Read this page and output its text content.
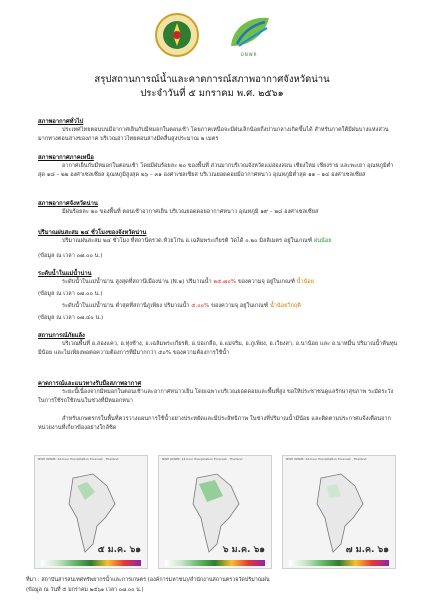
ONWR
สรุปสถานการณ์น้ำและคาดการณ์สภาพอากาศจังหวัดน่าน
ประจำวันที่ ๕ มกราคม พ.ศ. ๒๕๖๑
สภาพอากาศทั่วไป
ประเทศไทยตอนบนมีอากาศเย็นกับมีหมอกในตอนเช้า โดยภาคเหนือจะมีฝนเล็กน้อยถึงปานกลางเกิดขึ้นได้ สำหรับภาคใต้มีฝนบางแห่งส่วนมากทางตอนล่างของภาค บริเวณอ่าวไทยตอนล่างมีคลื่นสูงประมาณ ๒ เมตร
สภาพอากาศภาคเหนือ
อากาศเย็นกับมีหมอกในตอนเช้า โดยมีฝนร้อยละ ๒๐ ของพื้นที่ ส่วนมากบริเวณจังหวัดแม่ฮ่องสอน เชียงใหม่ เชียงราย และพะเยา อุณหภูมิต่ำสุด ๑๘ – ๒๒ องศาเซลเซียส อุณหภูมิสูงสุด ๒๖ – ๓๑ องศาเซลเซียส บริเวณยอดดอยมีอากาศหนาว อุณหภูมิต่ำสุด ๑๑ – ๑๔ องศาเซลเซียส
สภาพอากาศจังหวัดน่าน
มีฝนร้อยละ ๒๐ ของพื้นที่ ตอนเช้าอากาศเย็น บริเวณยอดดอยอากาศหนาว อุณหภูมิ ๑๙ – ๒๘ องศาเซลเซียส
ปริมาณฝนสะสม ๒๔ ชั่วโมงของจังหวัดน่าน
ปริมาณฝนสะสม ๒๔ ชั่วโมง ที่สถานีตรวด.ห้วยโก๋น อ.เฉลิมพระเกียรติ วัดได้ ๐.๒๐ มิลลิเมตร อยู่ในเกณฑ์ ฝนน้อย
(ข้อมูล ณ เวลา ๐๗.๐๐ น.)
ระดับน้ำในแม่น้ำน่าน
ระดับน้ำในแม่น้ำน่าน สูงสุดที่สถานีเมืองน่าน (N.๑) ปริมาณน้ำ ๒๕.๗๐% ของความจุ อยู่ในเกณฑ์ น้ำน้อย
(ข้อมูล ณ เวลา ๐๗.๐๐ น.)
ระดับน้ำในแม่น้ำน่าน ต่ำสุดที่สถานีภูเพียง ปริมาณน้ำ ๕.๐๐% ของความจุ อยู่ในเกณฑ์ น้ำน้อยวิกฤติ
(ข้อมูล ณ เวลา ๐๗.๔๐ น.)
สถานการณ์ภัยแล้ง
บริเวณพื้นที่ อ.สองแคว, อ.ทุ่งช้าง, อ.เฉลิมพระเกียรติ, อ.บ่อเกลือ, อ.แม่จริม, อ.ภูเพียง, อ.เวียงสา, อ.นาน้อย และ อ.นาหมื่น ปริมาณน้ำต้นทุนมีน้อย และไม่เพียงพอต่อความต้องการที่มีมากกว่า ๕๐% ของความต้องการใช้น้ำ
คาดการณ์และแนวทางรับมือสภาพอากาศ
ระยะนี้เนื่องจากมีหมอกในตอนเช้าและอากาศหนาวเย็น โดยเฉพาะบริเวณยอดดอยและพื้นที่สูง ขอให้ประชาชนดูแลรักษาสุขภาพ ระมัดระวังในการใช้รถใช้ถนนในช่วงที่มีหมอกหนา
สำหรับเกษตรกรในพื้นที่ควรวางแผนการใช้น้ำอย่างประหยัดและมีประสิทธิภาพ ในช่วงที่ปริมาณน้ำมีน้อย และติดตามประกาศแจ้งเตือนจากหน่วยงานที่เกี่ยวข้องอย่างใกล้ชิด
NWP ONWR: 24-hour Precipitation Forecast · Thailand
๕ ม.ค. ๖๑
NWP ONWR: 24-hour Precipitation Forecast · Thailand
๖ ม.ค. ๖๑
NWP ONWR: 24-hour Precipitation Forecast · Thailand
๗ ม.ค. ๖๑
ที่มา : สถาบันสารสนเทศทรัพยากรน้ำและการเกษตร (องค์การมหาชน)/สำนักงานสถานตรวจวัดปริมาณฝน
(ข้อมูล ณ วันที่ ๕ มกราคม ๒๕๖๑ เวลา ๐๗.๐๐ น.)
